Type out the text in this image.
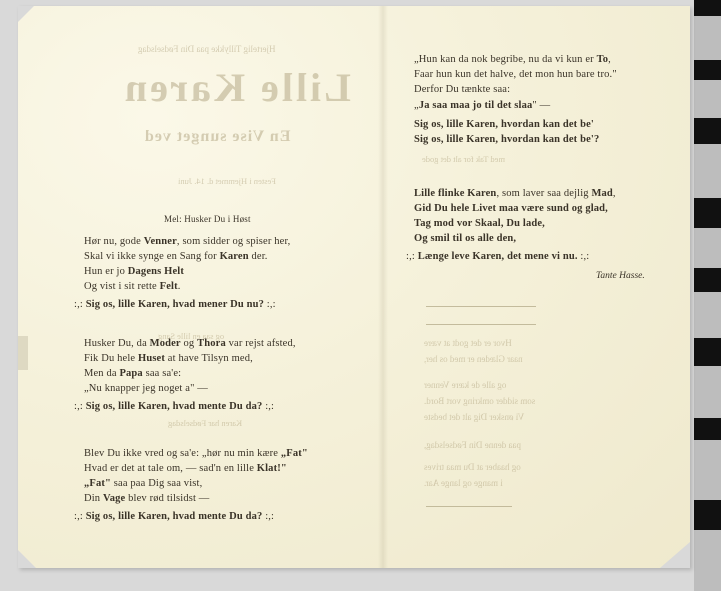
Hjertelig Tillykke paa Din Fødselsdag
Lille Karen
En Vise sunget ved
Festen i Hjemmet d. 14. Juni
Mel: Husker Du i Høst
Hør nu, gode Venner, som sidder og spiser her,
Skal vi ikke synge en Sang for Karen der.
Hun er jo Dagens Helt
Og vist i sit rette Felt.
:,: Sig os, lille Karen, hvad mener Du nu? :,:
og saa en lille Sang
Husker Du, da Moder og Thora var rejst afsted,
Fik Du hele Huset at have Tilsyn med,
Men da Papa saa sa'e:
„Nu knapper jeg noget a" —
:,: Sig os, lille Karen, hvad mente Du da? :,:
Karen har Fødselsdag
Blev Du ikke vred og sa'e: „hør nu min kære „Fat"
Hvad er det at tale om, — sad'n en lille Klat!"
„Fat" saa paa Dig saa vist,
Din Vage blev rød tilsidst —
:,: Sig os, lille Karen, hvad mente Du da? :,:
„Hun kan da nok begribe, nu da vi kun er To,
Faar hun kun det halve, det mon hun bare tro."
Derfor Du tænkte saa:
„Ja saa maa jo til det slaa" —
Sig os, lille Karen, hvordan kan det be'
Sig os, lille Karen, hvordan kan det be'?
med Tak for alt det gode
Lille flinke Karen, som laver saa dejlig Mad,
Gid Du hele Livet maa være sund og glad,
Tag mod vor Skaal, Du lade,
Og smil til os alle den,
:,: Længe leve Karen, det mene vi nu. :,:
Tante Hasse.
Hvor er det godt at være
naar Glæden er med os her,
og alle de kære Venner
som sidder omkring vort Bord.
Vi ønsker Dig alt det bedste
paa denne Din Fødselsdag,
og haaber at Du maa trives
i mange og lange Aar.
